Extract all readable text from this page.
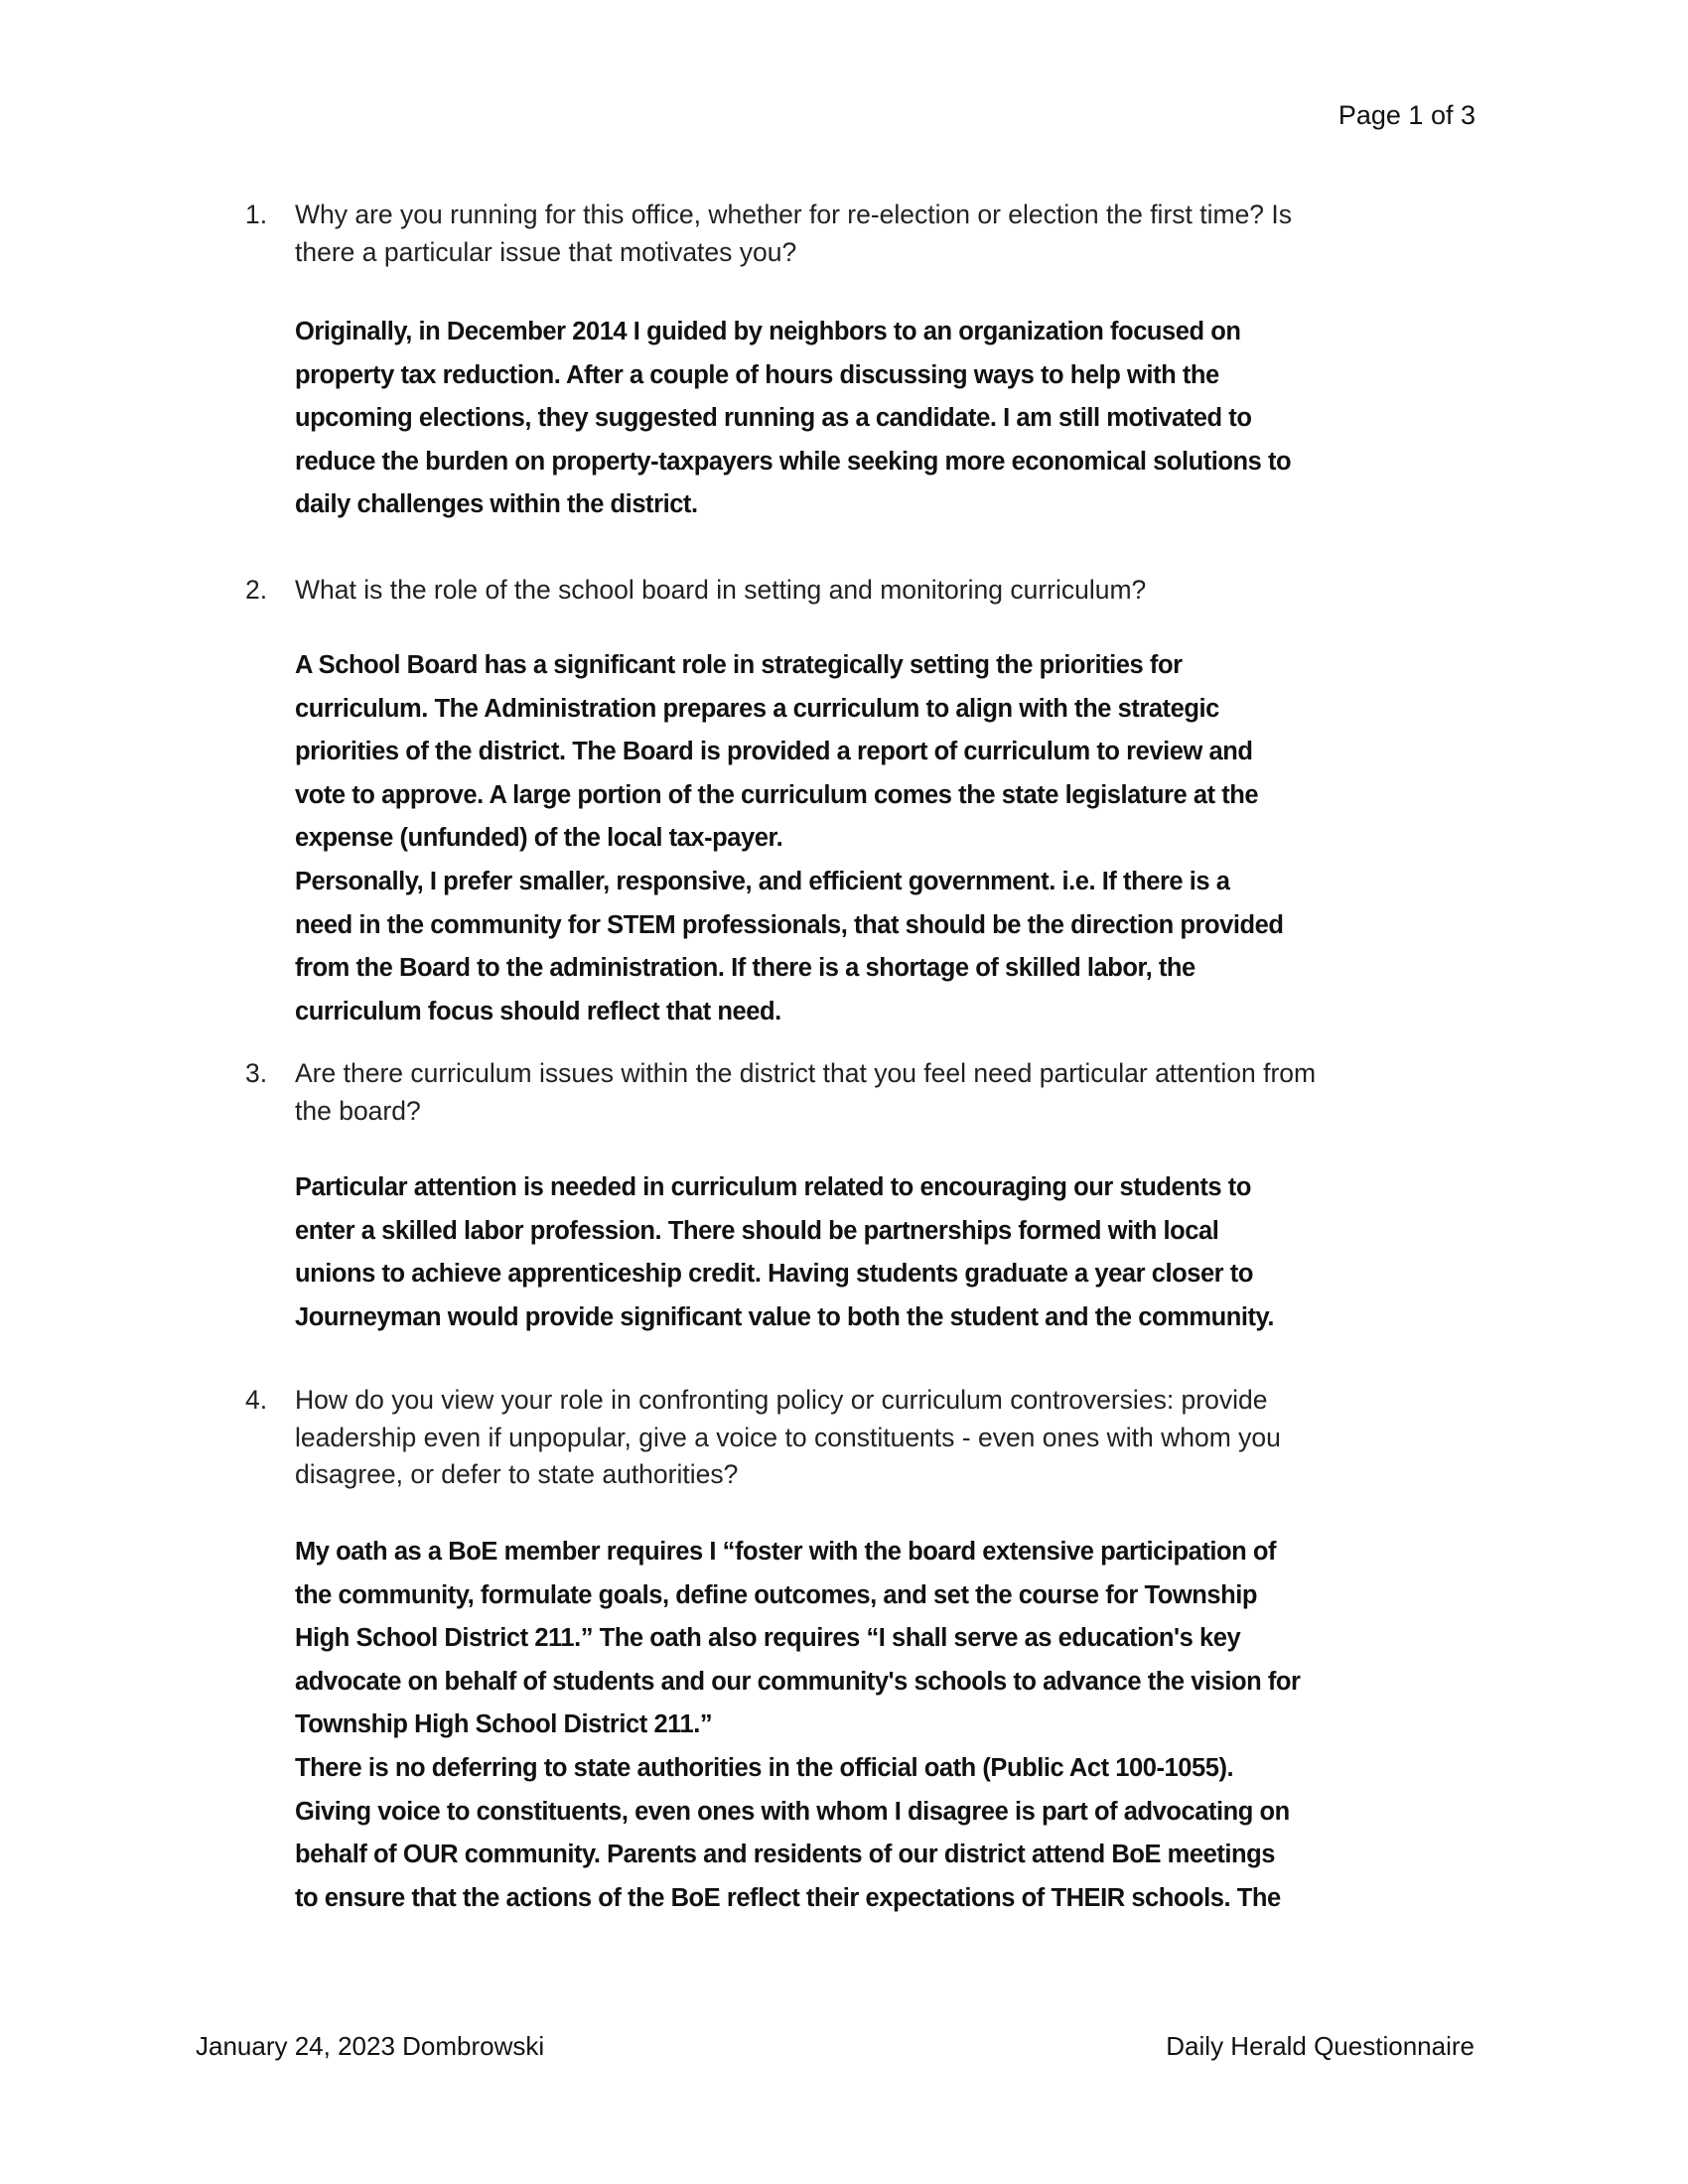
Page 1 of 3
1. Why are you running for this office, whether for re-election or election the first time? Is
there a particular issue that motivates you?
Originally, in December 2014 I guided by neighbors to an organization focused on
property tax reduction. After a couple of hours discussing ways to help with the
upcoming elections, they suggested running as a candidate. I am still motivated to
reduce the burden on property-taxpayers while seeking more economical solutions to
daily challenges within the district.
2. What is the role of the school board in setting and monitoring curriculum?
A School Board has a significant role in strategically setting the priorities for
curriculum. The Administration prepares a curriculum to align with the strategic
priorities of the district. The Board is provided a report of curriculum to review and
vote to approve. A large portion of the curriculum comes the state legislature at the
expense (unfunded) of the local tax-payer.
Personally, I prefer smaller, responsive, and efficient government. i.e. If there is a
need in the community for STEM professionals, that should be the direction provided
from the Board to the administration. If there is a shortage of skilled labor, the
curriculum focus should reflect that need.
3. Are there curriculum issues within the district that you feel need particular attention from
the board?
Particular attention is needed in curriculum related to encouraging our students to
enter a skilled labor profession. There should be partnerships formed with local
unions to achieve apprenticeship credit. Having students graduate a year closer to
Journeyman would provide significant value to both the student and the community.
4. How do you view your role in confronting policy or curriculum controversies: provide
leadership even if unpopular, give a voice to constituents - even ones with whom you
disagree, or defer to state authorities?
My oath as a BoE member requires I “foster with the board extensive participation of
the community, formulate goals, define outcomes, and set the course for Township
High School District 211.” The oath also requires “I shall serve as education's key
advocate on behalf of students and our community's schools to advance the vision for
Township High School District 211.”
There is no deferring to state authorities in the official oath (Public Act 100-1055).
Giving voice to constituents, even ones with whom I disagree is part of advocating on
behalf of OUR community. Parents and residents of our district attend BoE meetings
to ensure that the actions of the BoE reflect their expectations of THEIR schools. The
January 24, 2023 Dombrowski	Daily Herald Questionnaire
